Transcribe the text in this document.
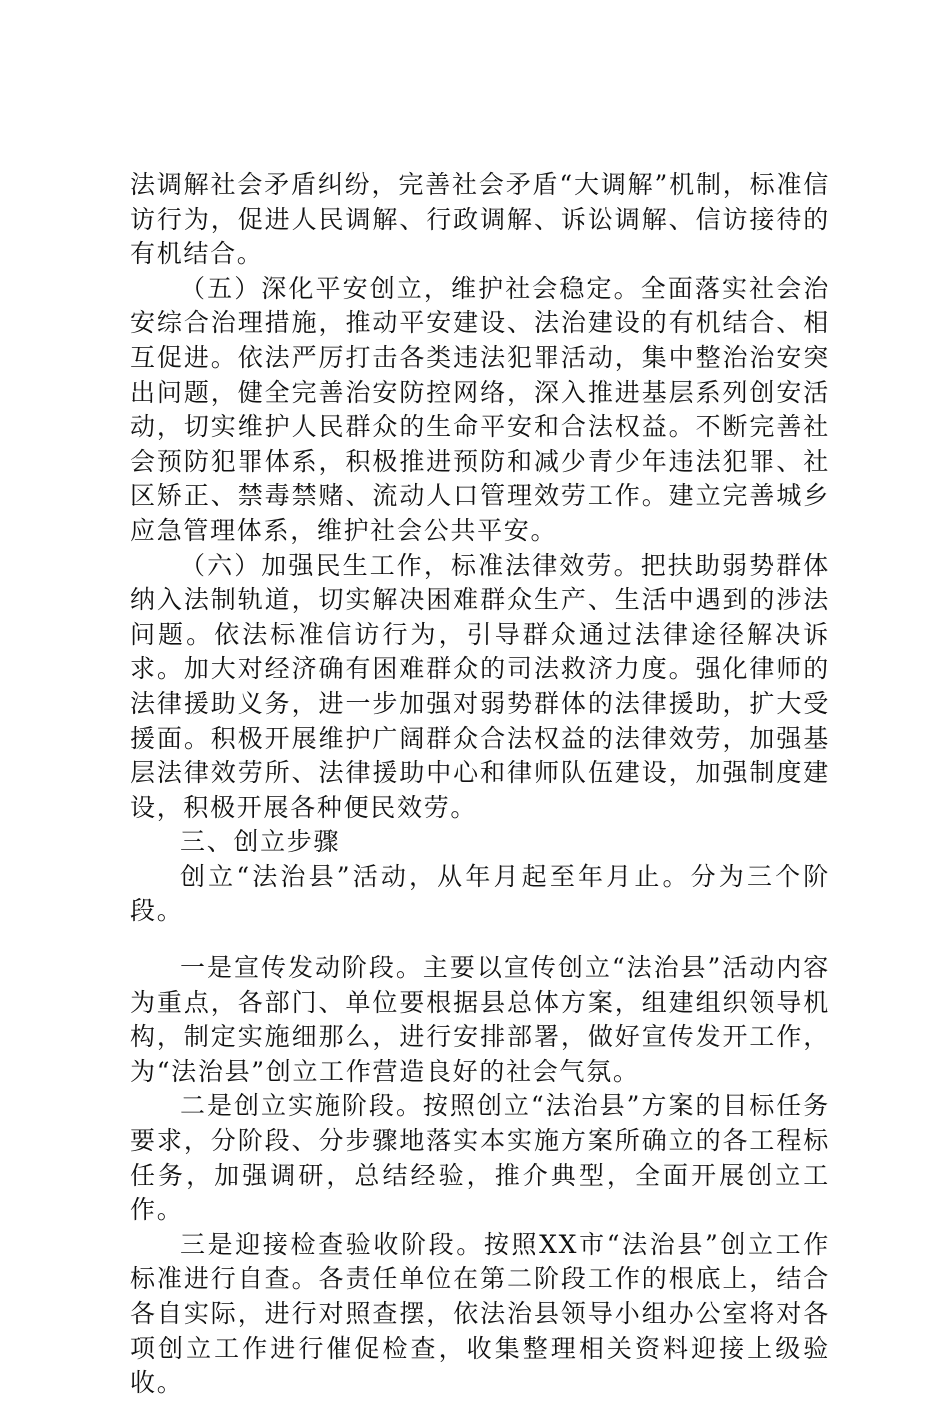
法调解社会矛盾纠纷，完善社会矛盾“大调解”机制，标准信访行为，促进人民调解、行政调解、诉讼调解、信访接待的有机结合。

（五）深化平安创立，维护社会稳定。全面落实社会治安综合治理措施，推动平安建设、法治建设的有机结合、相互促进。依法严厉打击各类违法犯罪活动，集中整治治安突出问题，健全完善治安防控网络，深入推进基层系列创安活动，切实维护人民群众的生命平安和合法权益。不断完善社会预防犯罪体系，积极推进预防和减少青少年违法犯罪、社区矫正、禁毒禁赌、流动人口管理效劳工作。建立完善城乡应急管理体系，维护社会公共平安。

（六）加强民生工作，标准法律效劳。把扶助弱势群体纳入法制轨道，切实解决困难群众生产、生活中遇到的涉法问题。依法标准信访行为，引导群众通过法律途径解决诉求。加大对经济确有困难群众的司法救济力度。强化律师的法律援助义务，进一步加强对弱势群体的法律援助，扩大受援面。积极开展维护广阔群众合法权益的法律效劳，加强基层法律效劳所、法律援助中心和律师队伍建设，加强制度建设，积极开展各种便民效劳。

三、创立步骤

创立“法治县”活动，从年月起至年月止。分为三个阶段。

一是宣传发动阶段。主要以宣传创立“法治县”活动内容为重点，各部门、单位要根据县总体方案，组建组织领导机构，制定实施细那么，进行安排部署，做好宣传发开工作，为“法治县”创立工作营造良好的社会气氛。

二是创立实施阶段。按照创立“法治县”方案的目标任务要求，分阶段、分步骤地落实本实施方案所确立的各工程标任务，加强调研，总结经验，推介典型，全面开展创立工作。

三是迎接检查验收阶段。按照XX市“法治县”创立工作标准进行自查。各责任单位在第二阶段工作的根底上，结合各自实际，进行对照查摆，依法治县领导小组办公室将对各项创立工作进行催促检查，收集整理相关资料迎接上级验收。
